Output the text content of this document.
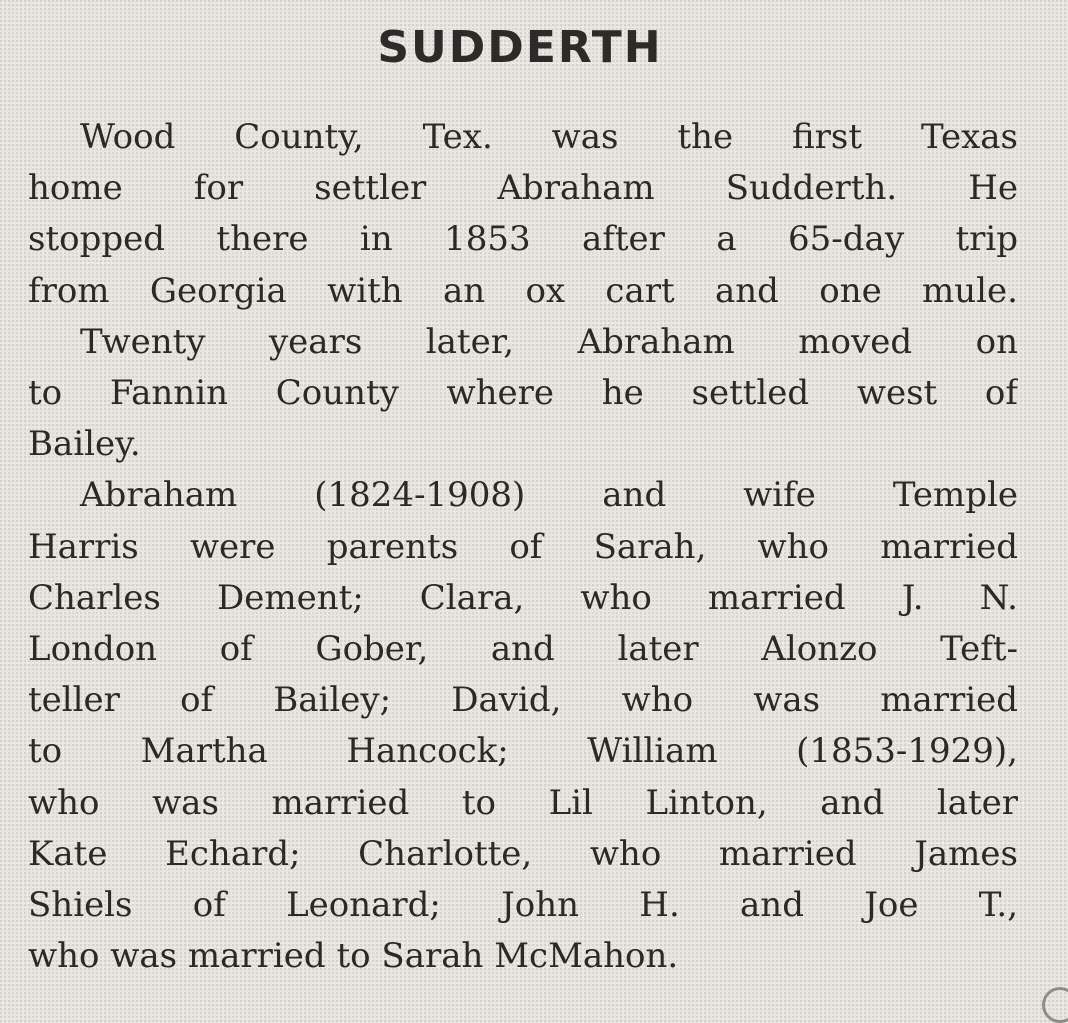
SUDDERTH
Wood County, Tex. was the first Texas
home for settler Abraham Sudderth. He
stopped there in 1853 after a 65-day trip
from Georgia with an ox cart and one mule.
Twenty years later, Abraham moved on
to Fannin County where he settled west of
Bailey.
Abraham (1824-1908) and wife Temple
Harris were parents of Sarah, who married
Charles Dement; Clara, who married J. N.
London of Gober, and later Alonzo Teft-
teller of Bailey; David, who was married
to Martha Hancock; William (1853-1929),
who was married to Lil Linton, and later
Kate Echard; Charlotte, who married James
Shiels of Leonard; John H. and Joe T.,
who was married to Sarah McMahon.
